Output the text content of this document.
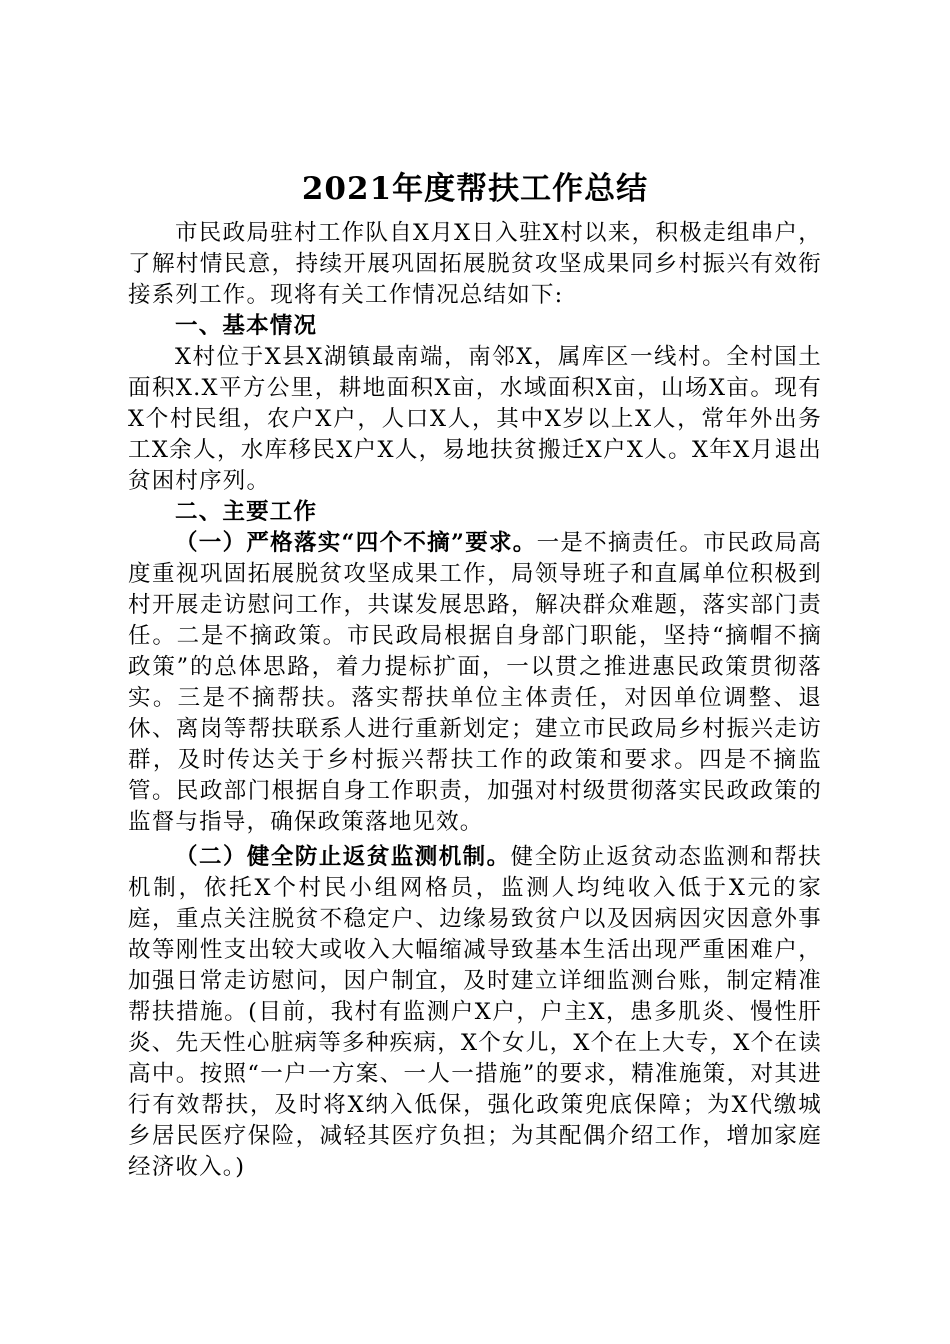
2021年度帮扶工作总结

市民政局驻村工作队自X月X日入驻X村以来，积极走组串户，了解村情民意，持续开展巩固拓展脱贫攻坚成果同乡村振兴有效衔接系列工作。现将有关工作情况总结如下:

一、基本情况

X村位于X县X湖镇最南端，南邻X，属库区一线村。全村国土面积X.X平方公里，耕地面积X亩，水域面积X亩，山场X亩。现有X个村民组，农户X户，人口X人，其中X岁以上X人，常年外出务工X余人，水库移民X户X人，易地扶贫搬迁X户X人。X年X月退出贫困村序列。

二、主要工作

（一）严格落实“四个不摘”要求。一是不摘责任。市民政局高度重视巩固拓展脱贫攻坚成果工作，局领导班子和直属单位积极到村开展走访慰问工作，共谋发展思路，解决群众难题，落实部门责任。二是不摘政策。市民政局根据自身部门职能，坚持“摘帽不摘政策”的总体思路，着力提标扩面，一以贯之推进惠民政策贯彻落实。三是不摘帮扶。落实帮扶单位主体责任，对因单位调整、退休、离岗等帮扶联系人进行重新划定；建立市民政局乡村振兴走访群，及时传达关于乡村振兴帮扶工作的政策和要求。四是不摘监管。民政部门根据自身工作职责，加强对村级贯彻落实民政政策的监督与指导，确保政策落地见效。

（二）健全防止返贫监测机制。健全防止返贫动态监测和帮扶机制，依托X个村民小组网格员，监测人均纯收入低于X元的家庭，重点关注脱贫不稳定户、边缘易致贫户以及因病因灾因意外事故等刚性支出较大或收入大幅缩减导致基本生活出现严重困难户，加强日常走访慰问，因户制宜，及时建立详细监测台账，制定精准帮扶措施。(目前，我村有监测户X户，户主X，患多肌炎、慢性肝炎、先天性心脏病等多种疾病，X个女儿，X个在上大专，X个在读高中。按照“一户一方案、一人一措施”的要求，精准施策，对其进行有效帮扶，及时将X纳入低保，强化政策兜底保障；为X代缴城乡居民医疗保险，减轻其医疗负担；为其配偶介绍工作，增加家庭经济收入。)
